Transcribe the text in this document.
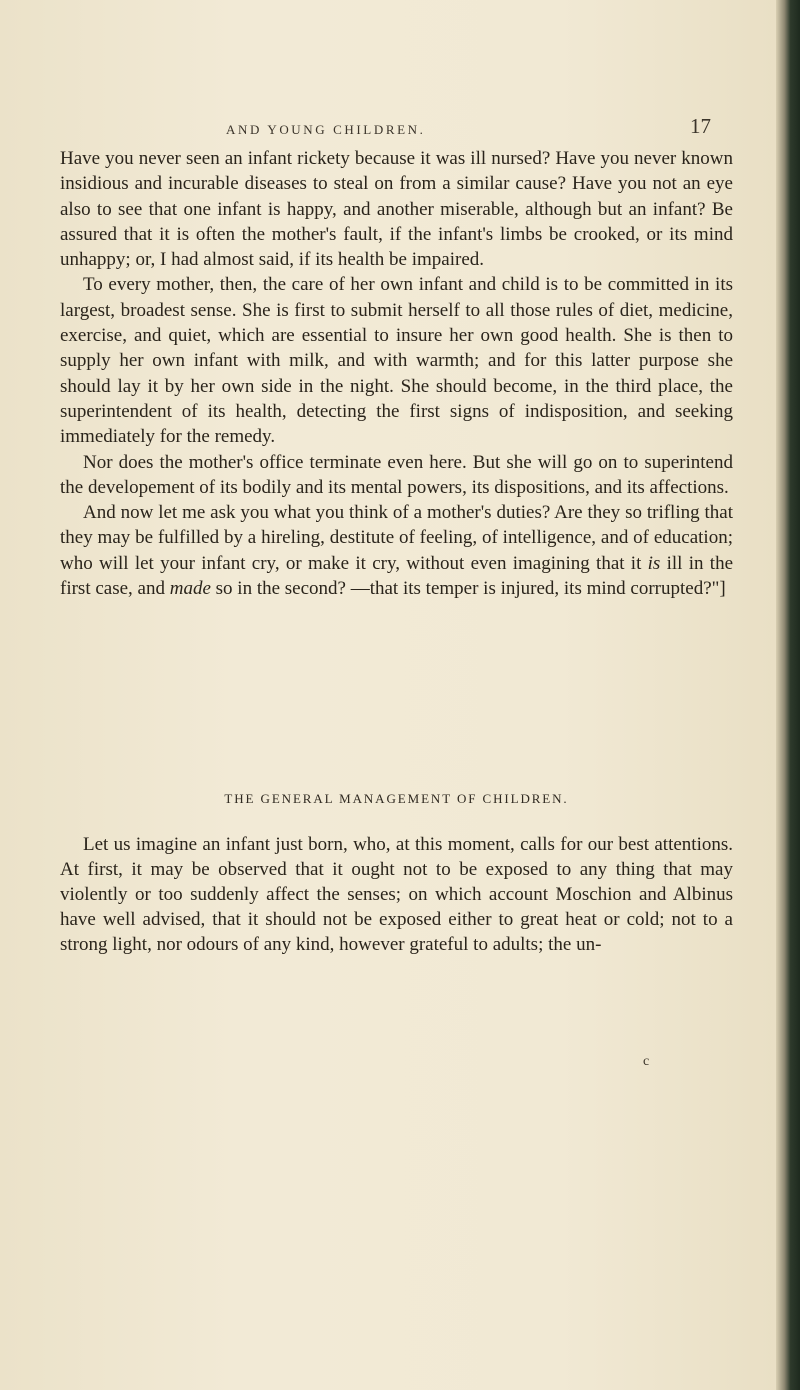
AND YOUNG CHILDREN.	17

Have you never seen an infant rickety because it was ill nursed? Have you never known insidious and incurable diseases to steal on from a similar cause? Have you not an eye also to see that one infant is happy, and another miserable, although but an infant? Be assured that it is often the mother's fault, if the infant's limbs be crooked, or its mind unhappy; or, I had almost said, if its health be impaired.

To every mother, then, the care of her own infant and child is to be committed in its largest, broadest sense. She is first to submit herself to all those rules of diet, medicine, exercise, and quiet, which are essential to insure her own good health. She is then to supply her own infant with milk, and with warmth; and for this latter purpose she should lay it by her own side in the night. She should become, in the third place, the superintendent of its health, detecting the first signs of indisposition, and seeking immediately for the remedy.

Nor does the mother's office terminate even here. But she will go on to superintend the developement of its bodily and its mental powers, its dispositions, and its affections.

And now let me ask you what you think of a mother's duties? Are they so trifling that they may be fulfilled by a hireling, destitute of feeling, of intelligence, and of education; who will let your infant cry, or make it cry, without even imagining that it is ill in the first case, and made so in the second? —that its temper is injured, its mind corrupted?"]

THE GENERAL MANAGEMENT OF CHILDREN.

Let us imagine an infant just born, who, at this moment, calls for our best attentions. At first, it may be observed that it ought not to be exposed to any thing that may violently or too suddenly affect the senses; on which account Moschion and Albinus have well advised, that it should not be exposed either to great heat or cold; not to a strong light, nor odours of any kind, however grateful to adults; the un-

c
